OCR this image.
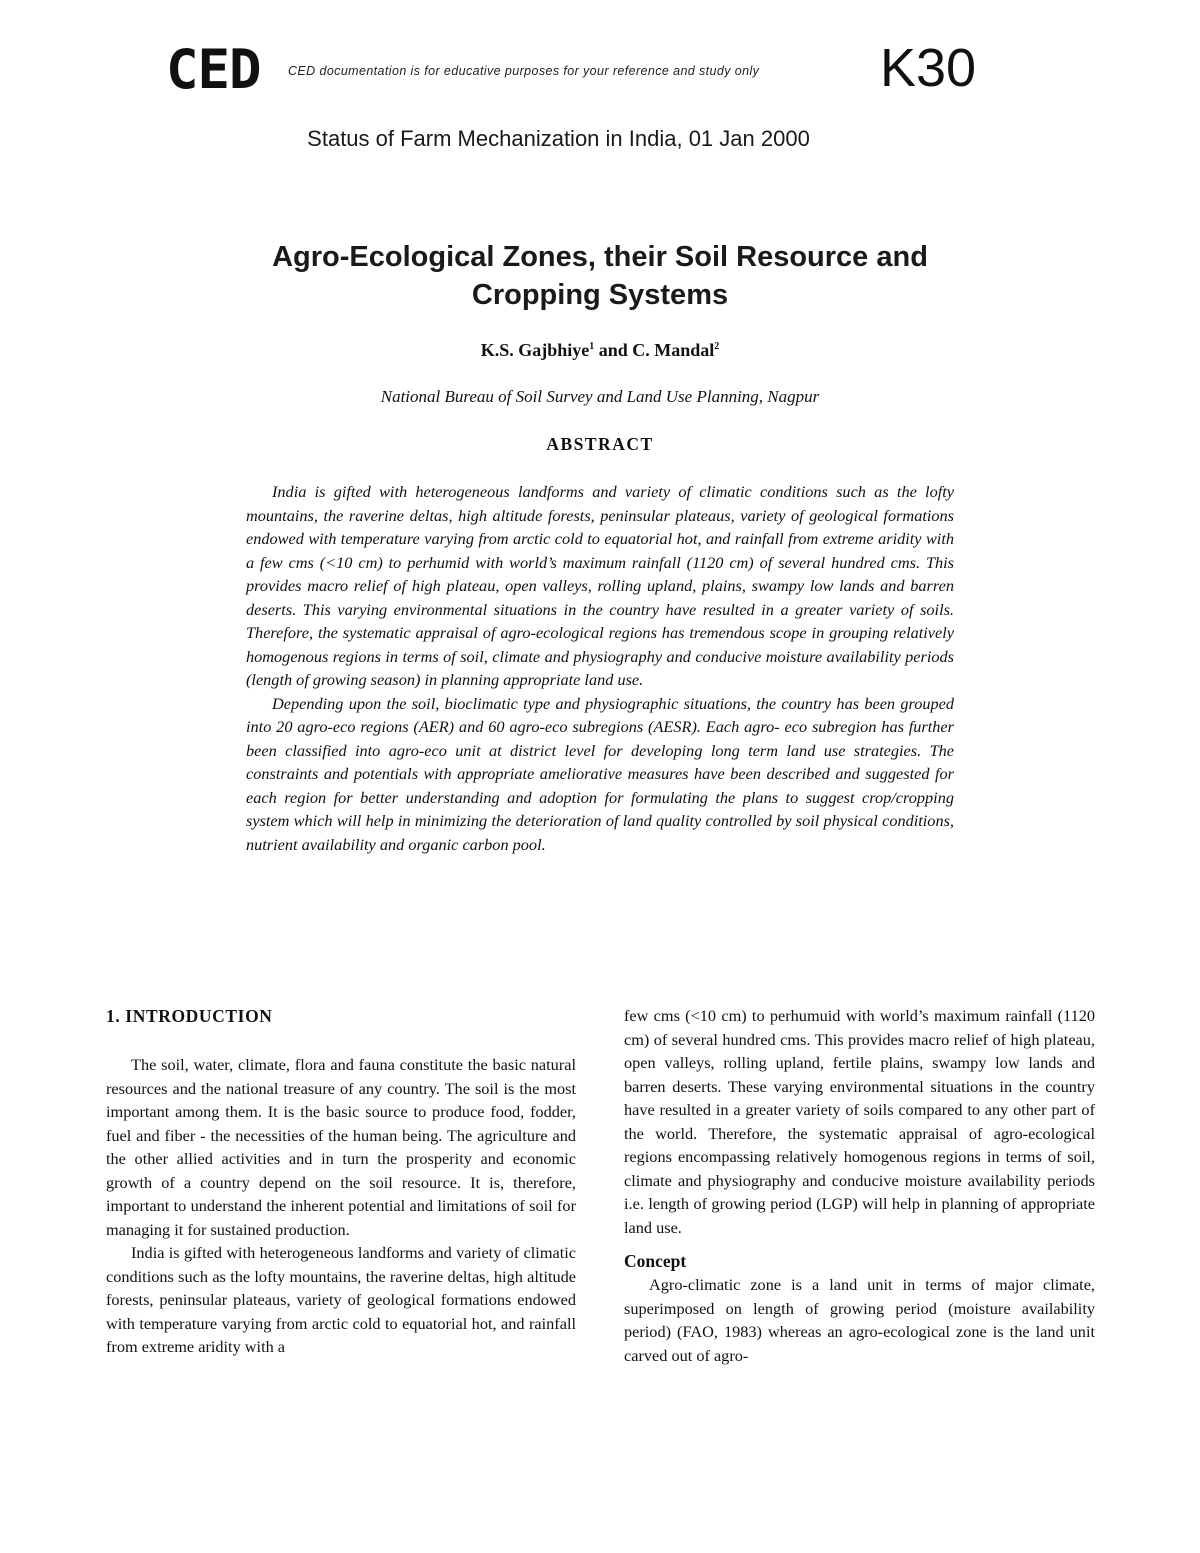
CED CED documentation is for educative purposes for your reference and study only K30
Status of Farm Mechanization in India, 01 Jan 2000
Agro-Ecological Zones, their Soil Resource and
Cropping Systems
K.S. Gajbhiye$^1$ and C. Mandal$^2$
National Bureau of Soil Survey and Land Use Planning, Nagpur
ABSTRACT

India is gifted with heterogeneous landforms and variety of climatic conditions such as the lofty mountains, the raverine deltas, high altitude forests, peninsular plateaus, variety of geological formations endowed with temperature varying from arctic cold to equatorial hot, and rainfall from extreme aridity with a few cms (<10 cm) to perhumid with world’s maximum rainfall (1120 cm) of several hundred cms. This provides macro relief of high plateau, open valleys, rolling upland, plains, swampy low lands and barren deserts. This varying environmental situations in the country have resulted in a greater variety of soils. Therefore, the systematic appraisal of agro-ecological regions has tremendous scope in grouping relatively homogenous regions in terms of soil, climate and physiography and conducive moisture availability periods (length of growing season) in planning appropriate land use.

Depending upon the soil, bioclimatic type and physiographic situations, the country has been grouped into 20 agro-eco regions (AER) and 60 agro-eco subregions (AESR). Each agro- eco subregion has further been classified into agro-eco unit at district level for developing long term land use strategies. The constraints and potentials with appropriate ameliorative measures have been described and suggested for each region for better understanding and adoption for formulating the plans to suggest crop/cropping system which will help in minimizing the deterioration of land quality controlled by soil physical conditions, nutrient availability and organic carbon pool.

1. INTRODUCTION

The soil, water, climate, flora and fauna constitute the basic natural resources and the national treasure of any country. The soil is the most important among them. It is the basic source to produce food, fodder, fuel and fiber - the necessities of the human being. The agriculture and the other allied activities and in turn the prosperity and economic growth of a country depend on the soil resource. It is, therefore, important to understand the inherent potential and limitations of soil for managing it for sustained production.

India is gifted with heterogeneous landforms and variety of climatic conditions such as the lofty mountains, the raverine deltas, high altitude forests, peninsular plateaus, variety of geological formations endowed with temperature varying from arctic cold to equatorial hot, and rainfall from extreme aridity with a

few cms (<10 cm) to perhumuid with world’s maximum rainfall (1120 cm) of several hundred cms. This provides macro relief of high plateau, open valleys, rolling upland, fertile plains, swampy low lands and barren deserts. These varying environmental situations in the country have resulted in a greater variety of soils compared to any other part of the world. Therefore, the systematic appraisal of agro-ecological regions encompassing relatively homogenous regions in terms of soil, climate and physiography and conducive moisture availability periods i.e. length of growing period (LGP) will help in planning of appropriate land use.

Concept

Agro-climatic zone is a land unit in terms of major climate, superimposed on length of growing period (moisture availability period) (FAO, 1983) whereas an agro-ecological zone is the land unit carved out of agro-
